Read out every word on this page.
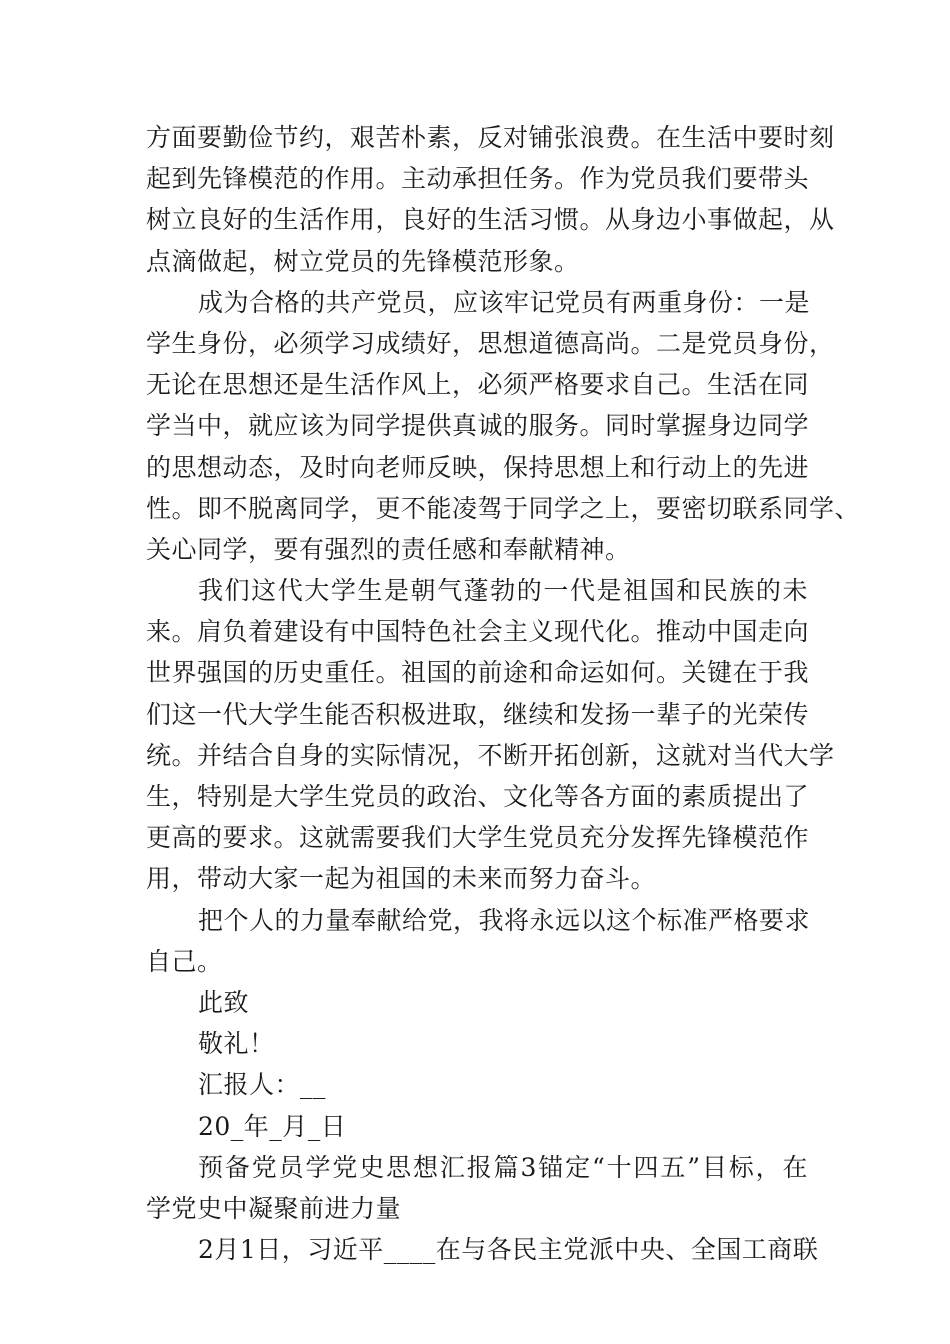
方面要勤俭节约，艰苦朴素，反对铺张浪费。在生活中要时刻
起到先锋模范的作用。主动承担任务。作为党员我们要带头
树立良好的生活作用，良好的生活习惯。从身边小事做起，从
点滴做起，树立党员的先锋模范形象。
成为合格的共产党员，应该牢记党员有两重身份：一是
学生身份，必须学习成绩好，思想道德高尚。二是党员身份，
无论在思想还是生活作风上，必须严格要求自己。生活在同
学当中，就应该为同学提供真诚的服务。同时掌握身边同学
的思想动态，及时向老师反映，保持思想上和行动上的先进
性。即不脱离同学，更不能凌驾于同学之上，要密切联系同学、
关心同学，要有强烈的责任感和奉献精神。
我们这代大学生是朝气蓬勃的一代是祖国和民族的未
来。肩负着建设有中国特色社会主义现代化。推动中国走向
世界强国的历史重任。祖国的前途和命运如何。关键在于我
们这一代大学生能否积极进取，继续和发扬一辈子的光荣传
统。并结合自身的实际情况，不断开拓创新，这就对当代大学
生，特别是大学生党员的政治、文化等各方面的素质提出了
更高的要求。这就需要我们大学生党员充分发挥先锋模范作
用，带动大家一起为祖国的未来而努力奋斗。
把个人的力量奉献给党，我将永远以这个标准严格要求
自己。
此致
敬礼！
汇报人：__
20_年_月_日
预备党员学党史思想汇报篇3锚定“十四五”目标，在
学党史中凝聚前进力量
2月1日，习近平____在与各民主党派中央、全国工商联
